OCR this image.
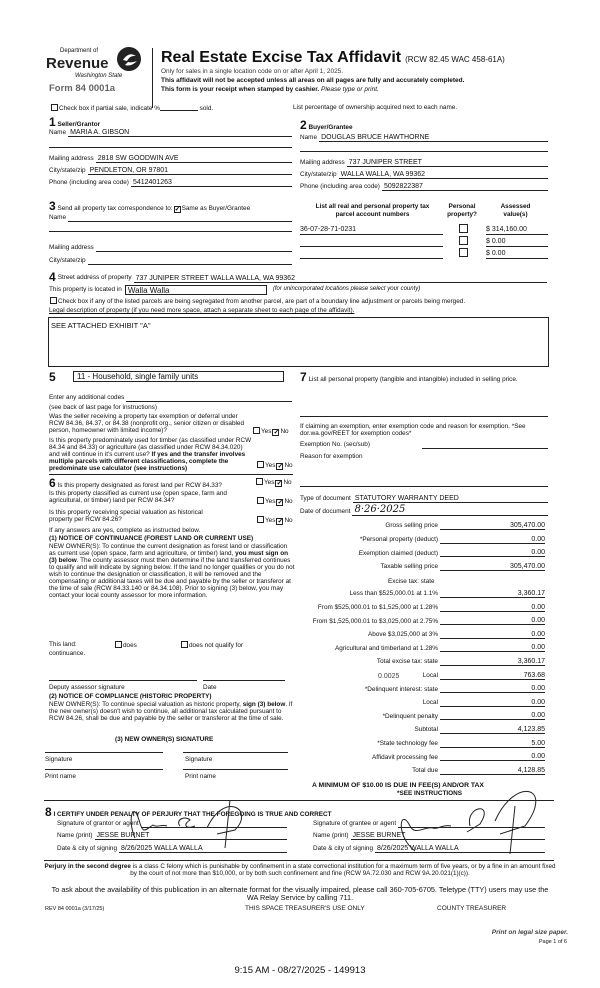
Department of
Revenue
Washington State
Form 84 0001a
Real Estate Excise Tax Affidavit (RCW 82.45 WAC 458-61A)
Only for sales in a single location code on or after April 1, 2025.
This affidavit will not be accepted unless all areas on all pages are fully and accurately completed.
This form is your receipt when stamped by cashier. Please type or print.
Check box if partial sale, indicate %	sold.	List percentage of ownership acquired next to each name.
1 Seller/Grantor
Name MARIA A. GIBSON
Mailing address 2818 SW GOODWIN AVE
City/state/zip PENDLETON, OR 97801
Phone (including area code) 5412401263
2 Buyer/Grantee
Name DOUGLAS BRUCE HAWTHORNE
Mailing address 737 JUNIPER STREET
City/state/zip WALLA WALLA, WA 99362
Phone (including area code) 5092822387
3 Send all property tax correspondence to: ✓Same as Buyer/Grantee
Name
Mailing address
City/state/zip
List all real and personal property tax
parcel account numbers
Personal
property?
Assessed
value(s)
36-07-28-71-0231	$ 314,160.00
$ 0.00
$ 0.00
4 Street address of property 737 JUNIPER STREET WALLA WALLA, WA 99362
This property is located in Walla Walla	(for unincorporated locations please select your county)
Check box if any of the listed parcels are being segregated from another parcel, are part of a boundary line adjustment or parcels being merged.
Legal description of property (if you need more space, attach a separate sheet to each page of the affidavit).
SEE ATTACHED EXHIBIT "A"
5	11 - Household, single family units
Enter any additional codes
(see back of last page for instructions)
Was the seller receiving a property tax exemption or deferral under RCW 84.36, 84.37, or 84.38 (nonprofit org., senior citizen or disabled person, homeowner with limited income)?	Yes ✓No
Is this property predominately used for timber (as classified under RCW 84.34 and 84.33) or agriculture (as classified under RCW 84.34.020) and will continue in it's current use? If yes and the transfer involves multiple parcels with different classifications, complete the predominate use calculator (see instructions)	Yes ✓No
6 Is this property designated as forest land per RCW 84.33?	Yes ✓No
Is this property classified as current use (open space, farm and agricultural, or timber) land per RCW 84.34?	Yes ✓No
Is this property receiving special valuation as historical property per RCW 84.26?	Yes ✓No
If any answers are yes, complete as instructed below.
(1) NOTICE OF CONTINUANCE (FOREST LAND OR CURRENT USE)
NEW OWNER(S): To continue the current designation as forest land or classification as current use (open space, farm and agriculture, or timber) land, you must sign on (3) below. The county assessor must then determine if the land transferred continues to qualify and will indicate by signing below. If the land no longer qualifies or you do not wish to continue the designation or classification, it will be removed and the compensating or additional taxes will be due and payable by the seller or transferor at the time of sale (RCW 84.33.140 or 84.34.108). Prior to signing (3) below, you may contact your local county assessor for more information.
This land:	does	does not qualify for
continuance.
Deputy assessor signature	Date
(2) NOTICE OF COMPLIANCE (HISTORIC PROPERTY)
NEW OWNER(S): To continue special valuation as historic property, sign (3) below. If the new owner(s) doesn't wish to continue, all additional tax calculated pursuant to RCW 84.26, shall be due and payable by the seller or transferor at the time of sale.
(3) NEW OWNER(S) SIGNATURE
Signature	Signature
Print name	Print name
7 List all personal property (tangible and intangible) included in selling price.
If claiming an exemption, enter exemption code and reason for exemption. *See dor.wa.gov/REET for exemption codes*
Exemption No. (sec/sub)
Reason for exemption
Type of document STATUTORY WARRANTY DEED
Date of document 8·26·2025
Gross selling price	305,470.00
*Personal property (deduct)	0.00
Exemption claimed (deduct)	0.00
Taxable selling price	305,470.00
Less than $525,000.01 at 1.1%	3,360.17
From $525,000.01 to $1,525,000 at 1.28%	0.00
From $1,525,000.01 to $3,025,000 at 2.75%	0.00
Above $3,025,000 at 3%	0.00
Agricultural and timberland at 1.28%	0.00
Total excise tax: state	3,360.17
Local	763.68
*Delinquent interest: state	0.00
Local	0.00
*Delinquent penalty	0.00
Subtotal	4,123.85
*State technology fee	5.00
Affidavit processing fee	0.00
Total due	4,128.85
Excise tax: state
0.0025
A MINIMUM OF $10.00 IS DUE IN FEE(S) AND/OR TAX
*SEE INSTRUCTIONS
8 I CERTIFY UNDER PENALTY OF PERJURY THAT THE FOREGOING IS TRUE AND CORRECT
Signature of grantor or agent
Name (print) JESSE BURNET
Date & city of signing 8/26/2025 WALLA WALLA
Signature of grantee or agent
Name (print) JESSE BURNET
Date & city of signing 8/26/2025 WALLA WALLA
Perjury in the second degree is a class C felony which is punishable by confinement in a state correctional institution for a maximum term of five years, or by a fine in an amount fixed by the court of not more than $10,000, or by both such confinement and fine (RCW 9A.72.030 and RCW 9A.20.021(1)(c)).
To ask about the availability of this publication in an alternate format for the visually impaired, please call 360-705-6705. Teletype (TTY) users may use the WA Relay Service by calling 711.
REV 84 0001a (3/17/25)	THIS SPACE TREASURER'S USE ONLY	COUNTY TREASURER
Print on legal size paper.
Page 1 of 6
9:15 AM - 08/27/2025 - 149913
